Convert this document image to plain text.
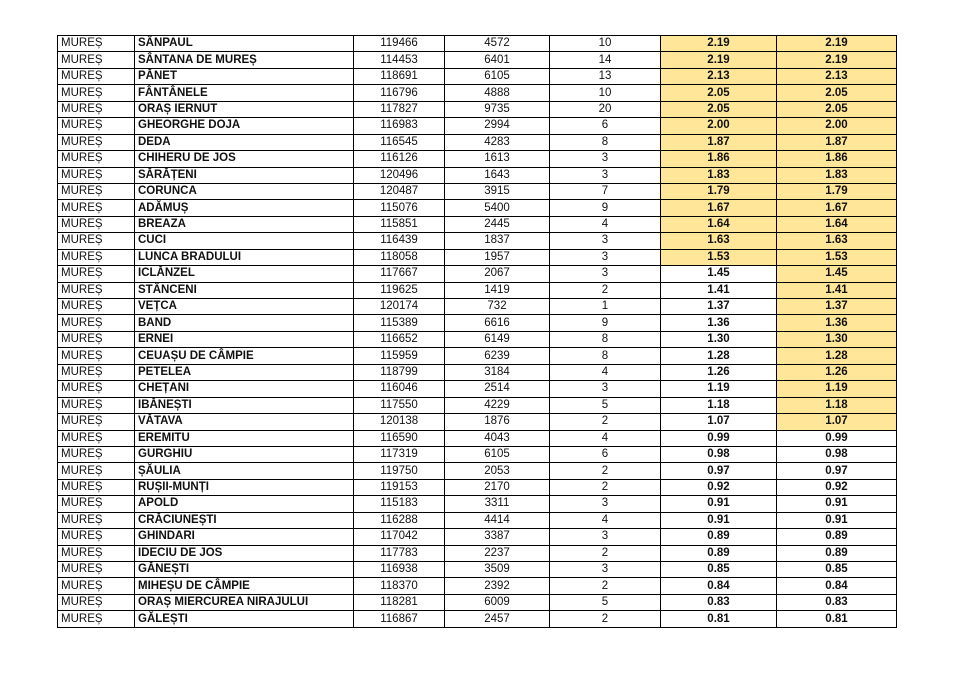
MUREȘ	SÂNPAUL	119466	4572	10	2.19	2.19
MUREȘ	SÂNTANA DE MUREȘ	114453	6401	14	2.19	2.19
MUREȘ	PĂNET	118691	6105	13	2.13	2.13
MUREȘ	FÂNTÂNELE	116796	4888	10	2.05	2.05
MUREȘ	ORAȘ IERNUT	117827	9735	20	2.05	2.05
MUREȘ	GHEORGHE DOJA	116983	2994	6	2.00	2.00
MUREȘ	DEDA	116545	4283	8	1.87	1.87
MUREȘ	CHIHERU DE JOS	116126	1613	3	1.86	1.86
MUREȘ	SĂRĂȚENI	120496	1643	3	1.83	1.83
MUREȘ	CORUNCA	120487	3915	7	1.79	1.79
MUREȘ	ADĂMUȘ	115076	5400	9	1.67	1.67
MUREȘ	BREAZA	115851	2445	4	1.64	1.64
MUREȘ	CUCI	116439	1837	3	1.63	1.63
MUREȘ	LUNCA BRADULUI	118058	1957	3	1.53	1.53
MUREȘ	ICLĂNZEL	117667	2067	3	1.45	1.45
MUREȘ	STÂNCENI	119625	1419	2	1.41	1.41
MUREȘ	VEȚCA	120174	732	1	1.37	1.37
MUREȘ	BAND	115389	6616	9	1.36	1.36
MUREȘ	ERNEI	116652	6149	8	1.30	1.30
MUREȘ	CEUAȘU DE CÂMPIE	115959	6239	8	1.28	1.28
MUREȘ	PETELEA	118799	3184	4	1.26	1.26
MUREȘ	CHEȚANI	116046	2514	3	1.19	1.19
MUREȘ	IBĂNEȘTI	117550	4229	5	1.18	1.18
MUREȘ	VĂTAVA	120138	1876	2	1.07	1.07
MUREȘ	EREMITU	116590	4043	4	0.99	0.99
MUREȘ	GURGHIU	117319	6105	6	0.98	0.98
MUREȘ	ȘĂULIA	119750	2053	2	0.97	0.97
MUREȘ	RUȘII-MUNȚI	119153	2170	2	0.92	0.92
MUREȘ	APOLD	115183	3311	3	0.91	0.91
MUREȘ	CRĂCIUNEȘTI	116288	4414	4	0.91	0.91
MUREȘ	GHINDARI	117042	3387	3	0.89	0.89
MUREȘ	IDECIU DE JOS	117783	2237	2	0.89	0.89
MUREȘ	GĂNEȘTI	116938	3509	3	0.85	0.85
MUREȘ	MIHEȘU DE CÂMPIE	118370	2392	2	0.84	0.84
MUREȘ	ORAȘ MIERCUREA NIRAJULUI	118281	6009	5	0.83	0.83
MUREȘ	GĂLEȘTI	116867	2457	2	0.81	0.81
